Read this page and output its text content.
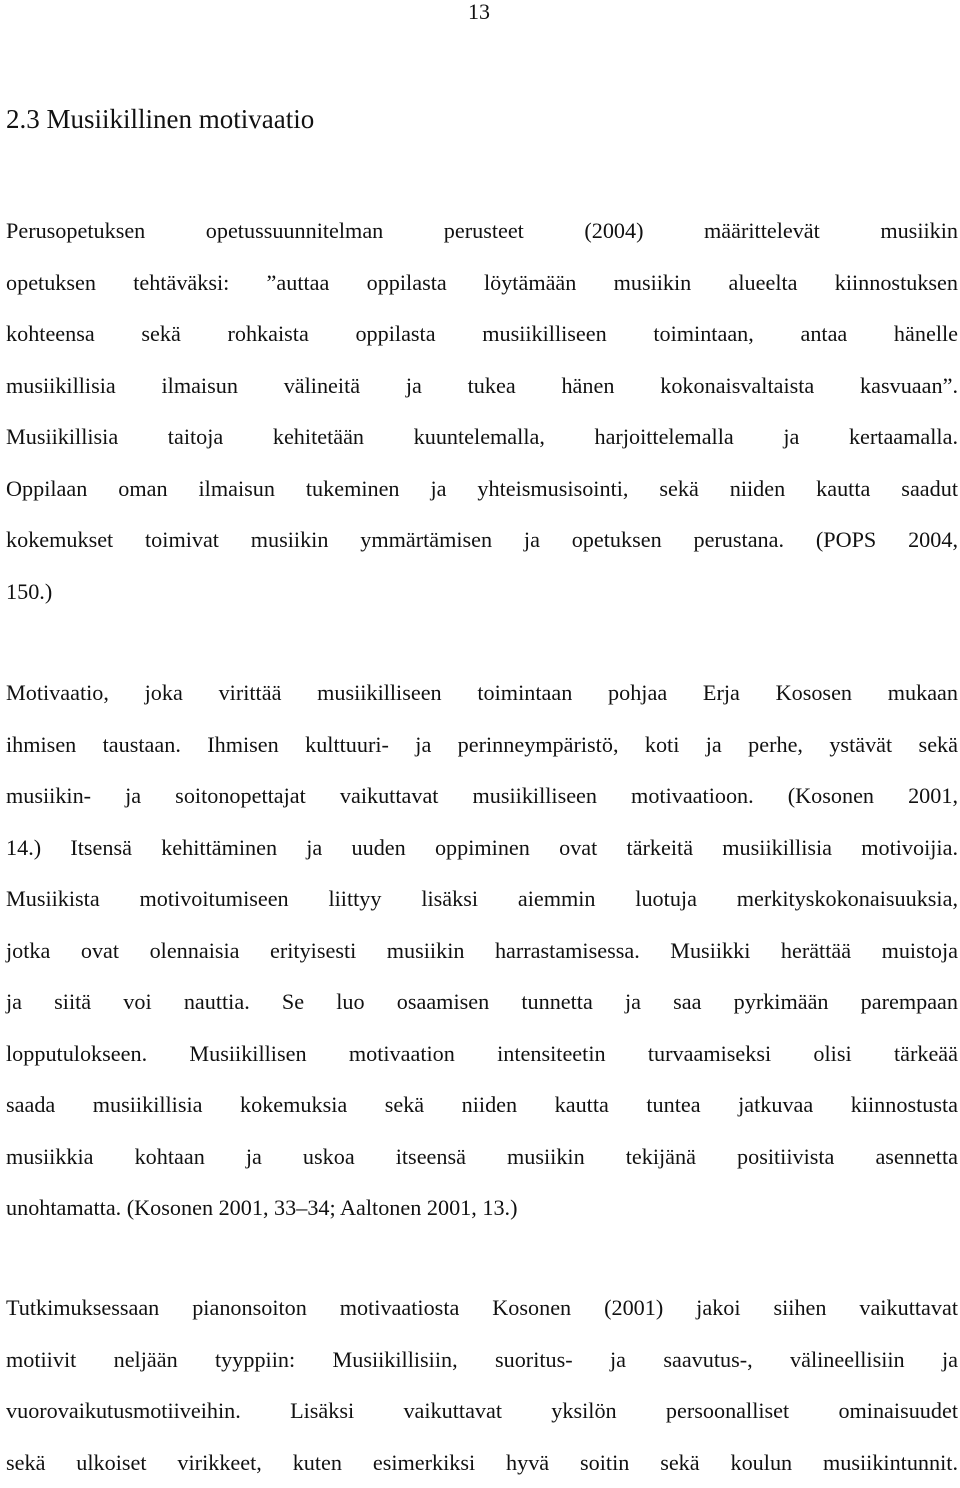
13
2.3 Musiikillinen motivaatio
Perusopetuksen opetussuunnitelman perusteet (2004) määrittelevät musiikin
opetuksen tehtäväksi: ”auttaa oppilasta löytämään musiikin alueelta kiinnostuksen
kohteensa sekä rohkaista oppilasta musiikilliseen toimintaan, antaa hänelle
musiikillisia ilmaisun välineitä ja tukea hänen kokonaisvaltaista kasvuaan”.
Musiikillisia taitoja kehitetään kuuntelemalla, harjoittelemalla ja kertaamalla.
Oppilaan oman ilmaisun tukeminen ja yhteismusisointi, sekä niiden kautta saadut
kokemukset toimivat musiikin ymmärtämisen ja opetuksen perustana. (POPS 2004,
150.)
Motivaatio, joka virittää musiikilliseen toimintaan pohjaa Erja Kososen mukaan
ihmisen taustaan. Ihmisen kulttuuri- ja perinneympäristö, koti ja perhe, ystävät sekä
musiikin- ja soitonopettajat vaikuttavat musiikilliseen motivaatioon. (Kosonen 2001,
14.) Itsensä kehittäminen ja uuden oppiminen ovat tärkeitä musiikillisia motivoijia.
Musiikista motivoitumiseen liittyy lisäksi aiemmin luotuja merkityskokonaisuuksia,
jotka ovat olennaisia erityisesti musiikin harrastamisessa. Musiikki herättää muistoja
ja siitä voi nauttia. Se luo osaamisen tunnetta ja saa pyrkimään parempaan
lopputulokseen. Musiikillisen motivaation intensiteetin turvaamiseksi olisi tärkeää
saada musiikillisia kokemuksia sekä niiden kautta tuntea jatkuvaa kiinnostusta
musiikkia kohtaan ja uskoa itseensä musiikin tekijänä positiivista asennetta
unohtamatta. (Kosonen 2001, 33–34; Aaltonen 2001, 13.)
Tutkimuksessaan pianonsoiton motivaatiosta Kosonen (2001) jakoi siihen vaikuttavat
motiivit neljään tyyppiin: Musiikillisiin, suoritus- ja saavutus-, välineellisiin ja
vuorovaikutusmotiiveihin. Lisäksi vaikuttavat yksilön persoonalliset ominaisuudet
sekä ulkoiset virikkeet, kuten esimerkiksi hyvä soitin sekä koulun musiikintunnit.
